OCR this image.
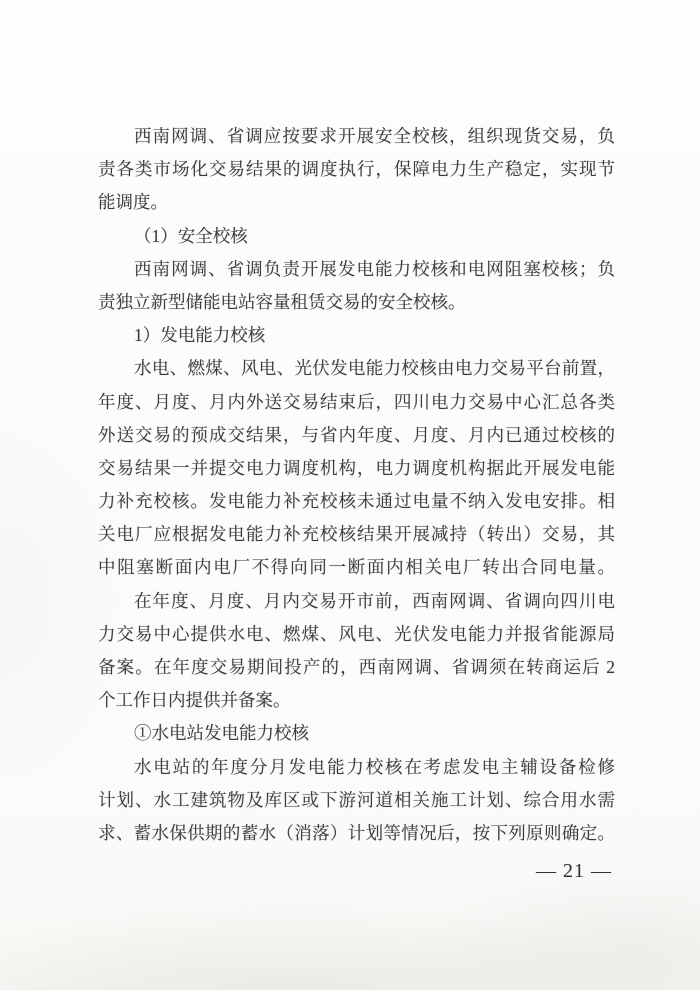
西南网调、省调应按要求开展安全校核，组织现货交易，负
责各类市场化交易结果的调度执行，保障电力生产稳定，实现节
能调度。
（1）安全校核
西南网调、省调负责开展发电能力校核和电网阻塞校核；负
责独立新型储能电站容量租赁交易的安全校核。
1）发电能力校核
水电、燃煤、风电、光伏发电能力校核由电力交易平台前置，
年度、月度、月内外送交易结束后，四川电力交易中心汇总各类
外送交易的预成交结果，与省内年度、月度、月内已通过校核的
交易结果一并提交电力调度机构，电力调度机构据此开展发电能
力补充校核。发电能力补充校核未通过电量不纳入发电安排。相
关电厂应根据发电能力补充校核结果开展减持（转出）交易，其
中阻塞断面内电厂不得向同一断面内相关电厂转出合同电量。
在年度、月度、月内交易开市前，西南网调、省调向四川电
力交易中心提供水电、燃煤、风电、光伏发电能力并报省能源局
备案。在年度交易期间投产的，西南网调、省调须在转商运后 2
个工作日内提供并备案。
①水电站发电能力校核
水电站的年度分月发电能力校核在考虑发电主辅设备检修
计划、水工建筑物及库区或下游河道相关施工计划、综合用水需
求、蓄水保供期的蓄水（消落）计划等情况后，按下列原则确定。
— 21 —
